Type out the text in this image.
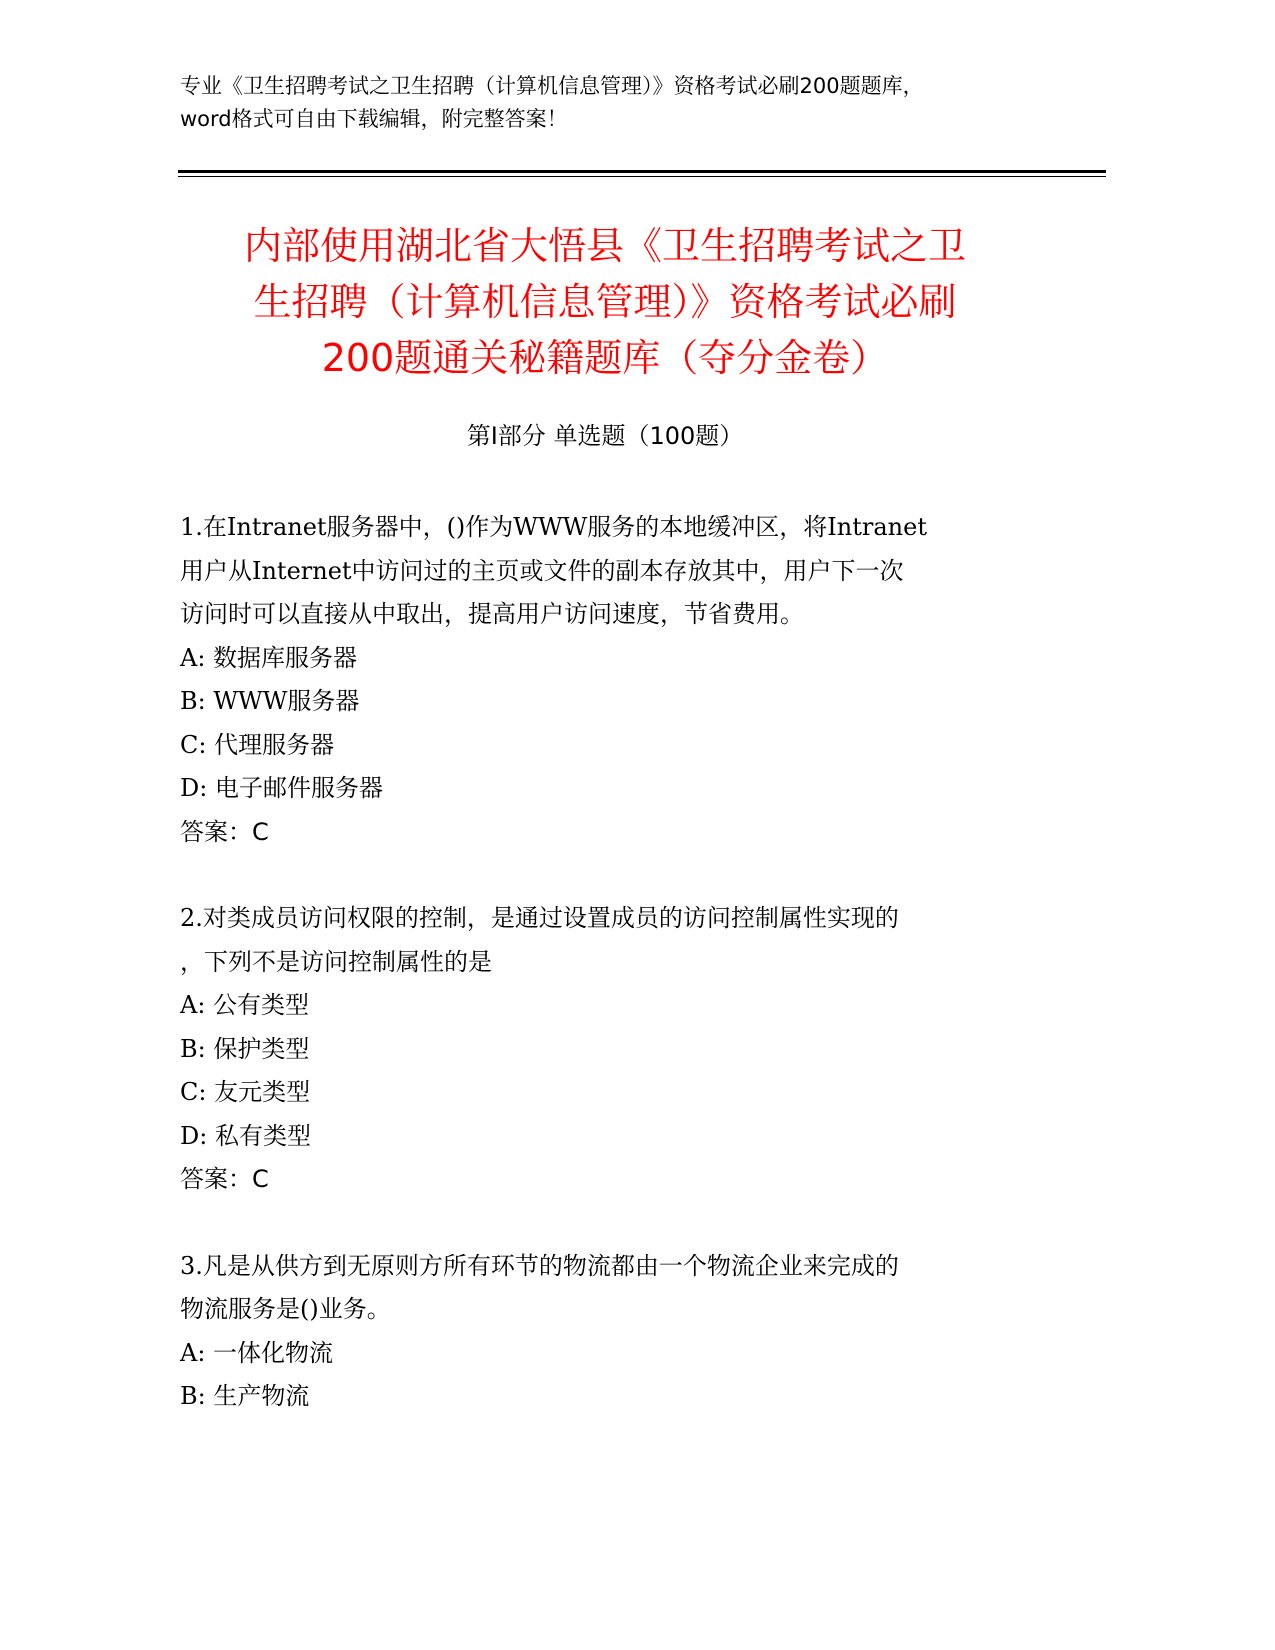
专业《卫生招聘考试之卫生招聘（计算机信息管理）》资格考试必刷200题题库，
word格式可自由下载编辑，附完整答案！
内部使用湖北省大悟县《卫生招聘考试之卫
生招聘（计算机信息管理）》资格考试必刷
200题通关秘籍题库（夺分金卷）
第Ⅰ部分 单选题（100题）
1.在Intranet服务器中，()作为WWW服务的本地缓冲区，将Intranet
用户从Internet中访问过的主页或文件的副本存放其中，用户下一次
访问时可以直接从中取出，提高用户访问速度，节省费用。
A: 数据库服务器
B: WWW服务器
C: 代理服务器
D: 电子邮件服务器
答案：C
2.对类成员访问权限的控制，是通过设置成员的访问控制属性实现的
，下列不是访问控制属性的是
A: 公有类型
B: 保护类型
C: 友元类型
D: 私有类型
答案：C
3.凡是从供方到无原则方所有环节的物流都由一个物流企业来完成的
物流服务是()业务。
A: 一体化物流
B: 生产物流
